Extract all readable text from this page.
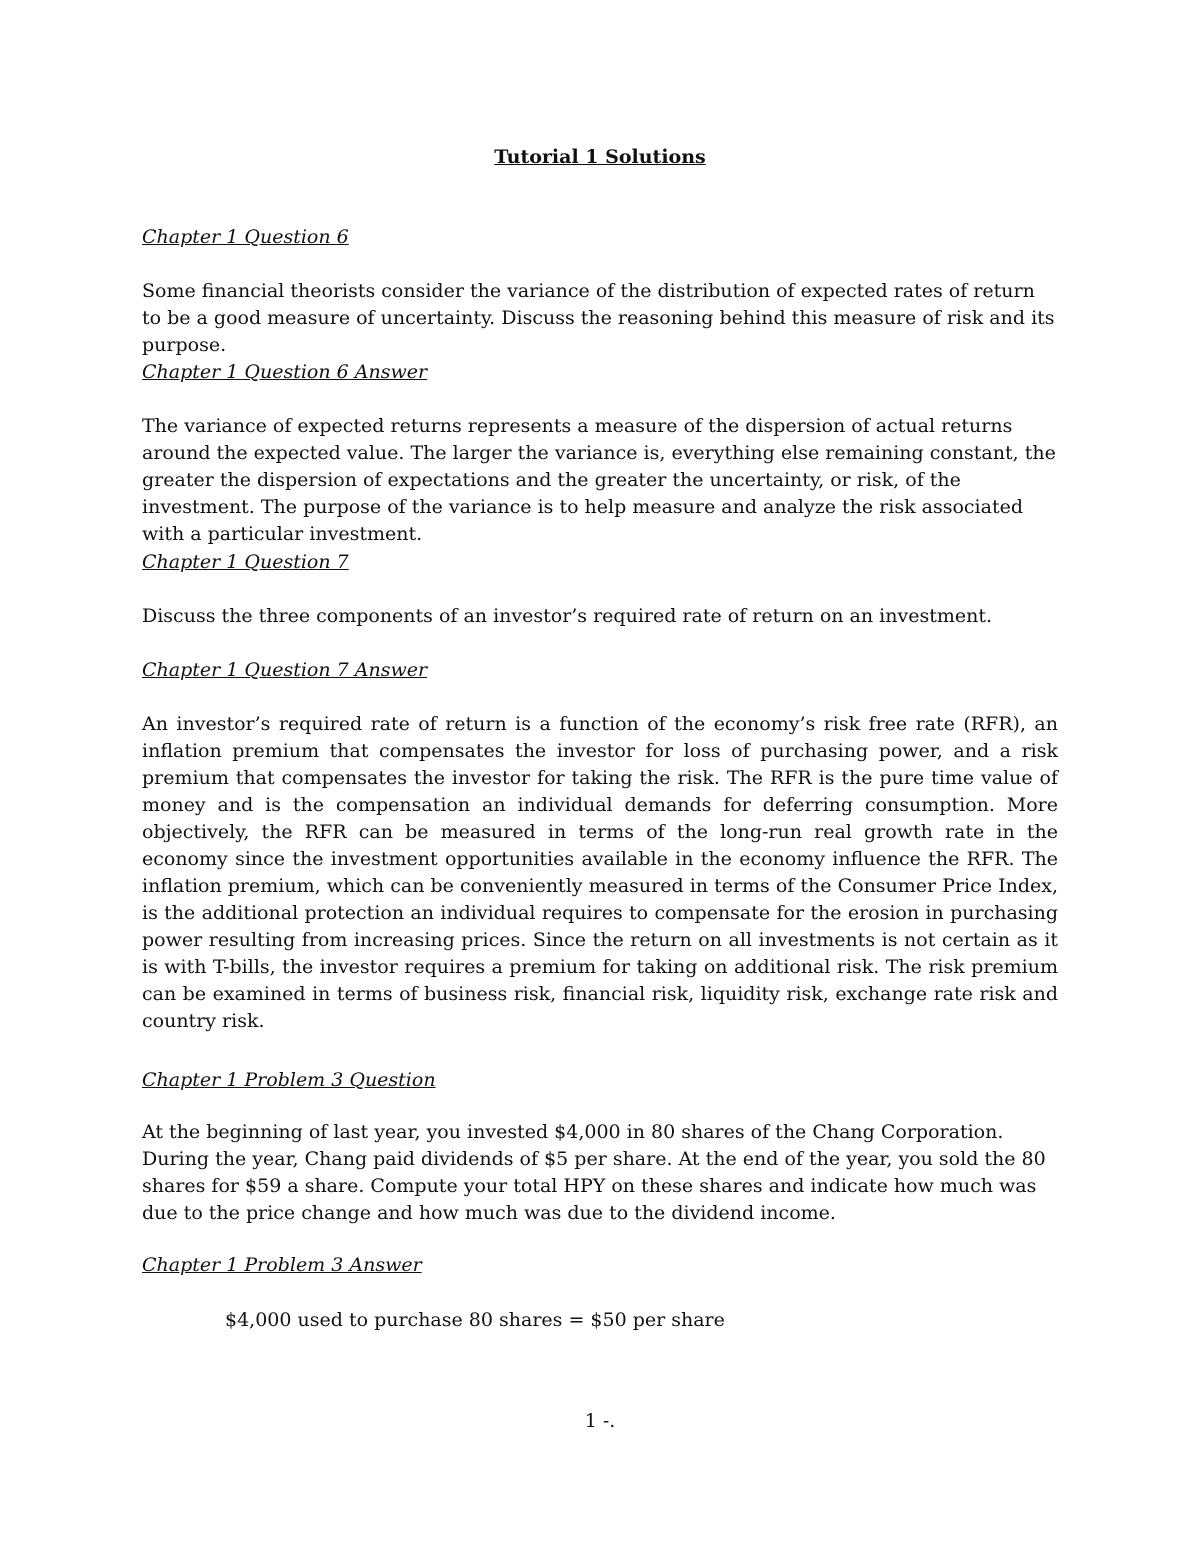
Tutorial 1 Solutions

Chapter 1 Question 6

Some financial theorists consider the variance of the distribution of expected rates of return to be a good measure of uncertainty. Discuss the reasoning behind this measure of risk and its purpose.

Chapter 1 Question 6 Answer

The variance of expected returns represents a measure of the dispersion of actual returns around the expected value. The larger the variance is, everything else remaining constant, the greater the dispersion of expectations and the greater the uncertainty, or risk, of the investment. The purpose of the variance is to help measure and analyze the risk associated with a particular investment.

Chapter 1 Question 7

Discuss the three components of an investor’s required rate of return on an investment.

Chapter 1 Question 7 Answer

An investor’s required rate of return is a function of the economy’s risk free rate (RFR), an inflation premium that compensates the investor for loss of purchasing power, and a risk premium that compensates the investor for taking the risk. The RFR is the pure time value of money and is the compensation an individual demands for deferring consumption. More objectively, the RFR can be measured in terms of the long-run real growth rate in the economy since the investment opportunities available in the economy influence the RFR. The inflation premium, which can be conveniently measured in terms of the Consumer Price Index, is the additional protection an individual requires to compensate for the erosion in purchasing power resulting from increasing prices. Since the return on all investments is not certain as it is with T-bills, the investor requires a premium for taking on additional risk. The risk premium can be examined in terms of business risk, financial risk, liquidity risk, exchange rate risk and country risk.

Chapter 1 Problem 3 Question

At the beginning of last year, you invested $4,000 in 80 shares of the Chang Corporation. During the year, Chang paid dividends of $5 per share. At the end of the year, you sold the 80 shares for $59 a share. Compute your total HPY on these shares and indicate how much was due to the price change and how much was due to the dividend income.

Chapter 1 Problem 3 Answer

$4,000 used to purchase 80 shares = $50 per share

1 -.
